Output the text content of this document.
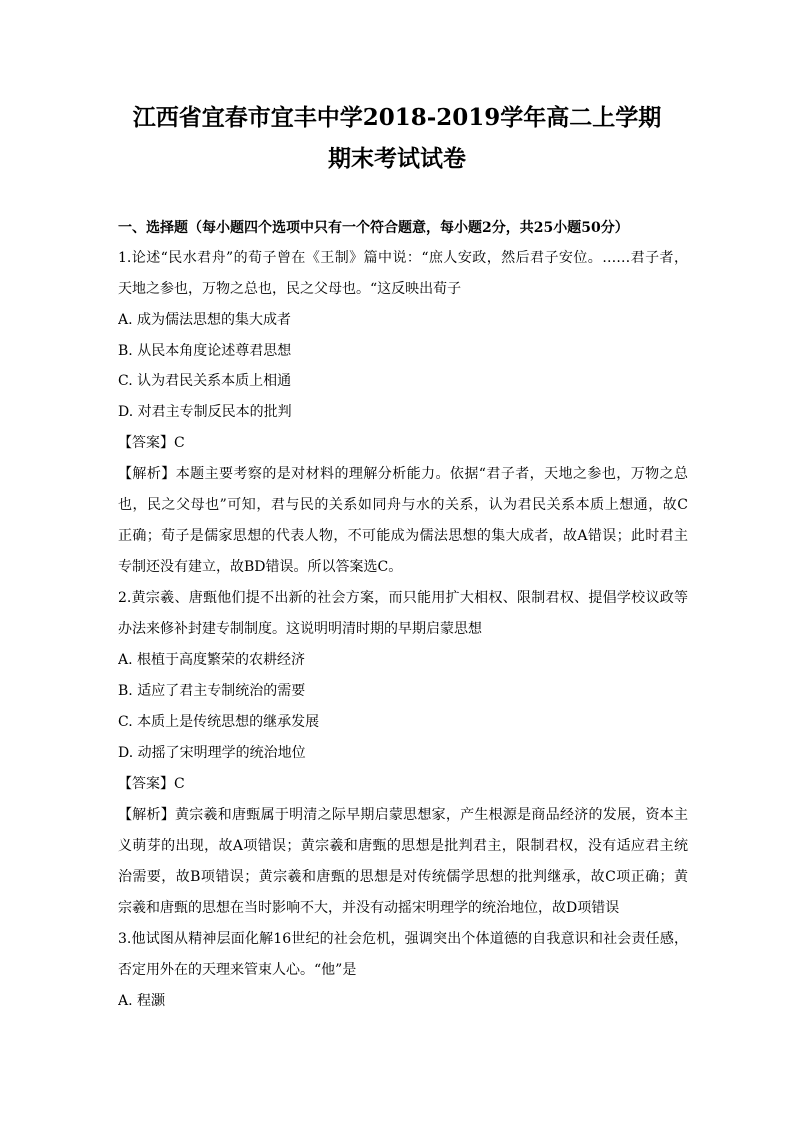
江西省宜春市宜丰中学2018-2019学年高二上学期
期末考试试卷
一、选择题（每小题四个选项中只有一个符合题意，每小题2分，共25小题50分）
1.论述“民水君舟”的荀子曾在《王制》篇中说：“庶人安政，然后君子安位。……君子者，
天地之参也，万物之总也，民之父母也。“这反映出荀子
A. 成为儒法思想的集大成者
B. 从民本角度论述尊君思想
C. 认为君民关系本质上相通
D. 对君主专制反民本的批判
【答案】C
【解析】本题主要考察的是对材料的理解分析能力。依据“君子者，天地之参也，万物之总
也，民之父母也”可知，君与民的关系如同舟与水的关系，认为君民关系本质上想通，故C
正确；荀子是儒家思想的代表人物，不可能成为儒法思想的集大成者，故A错误；此时君主
专制还没有建立，故BD错误。所以答案选C。
2.黄宗羲、唐甄他们提不出新的社会方案，而只能用扩大相权、限制君权、提倡学校议政等
办法来修补封建专制制度。这说明明清时期的早期启蒙思想
A. 根植于高度繁荣的农耕经济
B. 适应了君主专制统治的需要
C. 本质上是传统思想的继承发展
D. 动摇了宋明理学的统治地位
【答案】C
【解析】黄宗羲和唐甄属于明清之际早期启蒙思想家，产生根源是商品经济的发展，资本主
义萌芽的出现，故A项错误；黄宗羲和唐甄的思想是批判君主，限制君权，没有适应君主统
治需要，故B项错误；黄宗羲和唐甄的思想是对传统儒学思想的批判继承，故C项正确；黄
宗羲和唐甄的思想在当时影响不大，并没有动摇宋明理学的统治地位，故D项错误
3.他试图从精神层面化解16世纪的社会危机，强调突出个体道德的自我意识和社会责任感，
否定用外在的天理来管束人心。“他”是
A. 程灏
